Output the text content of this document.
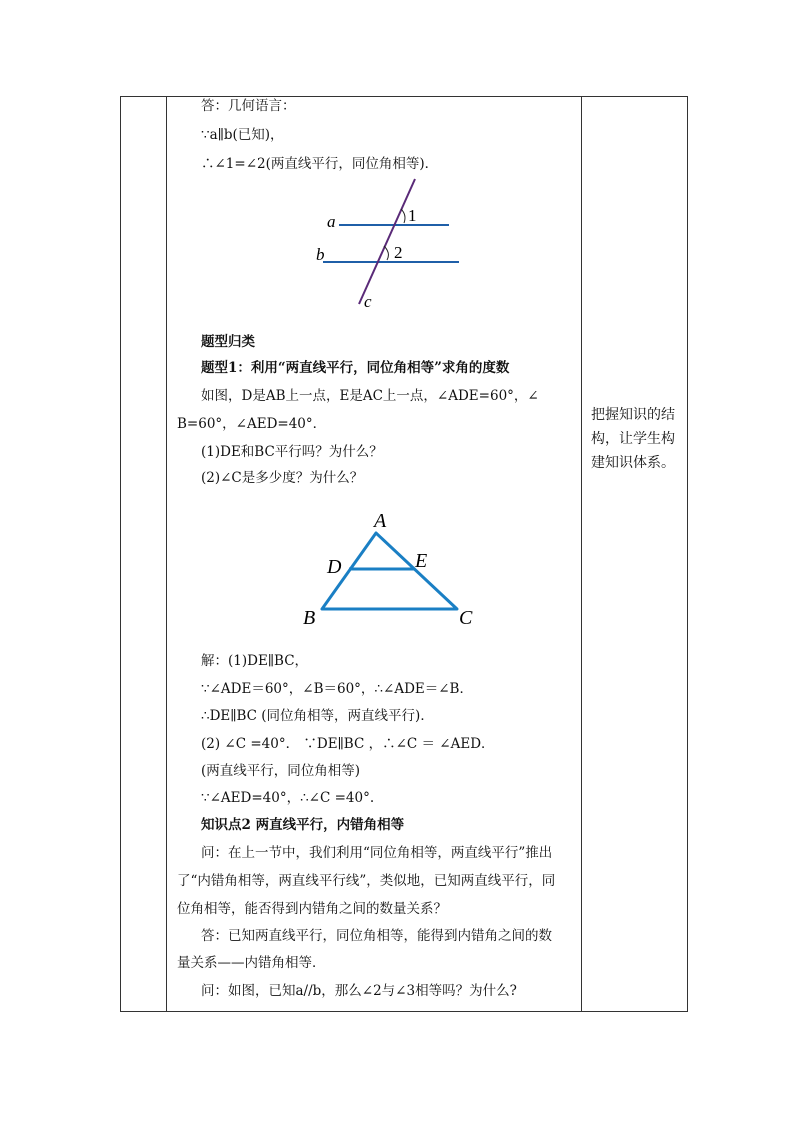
答：几何语言：
∵a∥b(已知)，
∴∠1=∠2(两直线平行，同位角相等)．
a
b
c
1
2
题型归类
题型1：利用“两直线平行，同位角相等”求角的度数
如图，D是AB上一点，E是AC上一点，∠ADE=60°，∠
B=60°，∠AED=40°．
(1)DE和BC平行吗？为什么？
(2)∠C是多少度？为什么？
A
B	C
D	E
解：(1)DE∥BC，
∵∠ADE＝60°，∠B＝60°，∴∠ADE＝∠B．
∴DE∥BC (同位角相等，两直线平行)．
(2) ∠C =40°． ∵DE∥BC ，∴∠C ＝ ∠AED．
(两直线平行，同位角相等)
∵∠AED=40°，∴∠C =40°.
知识点2 两直线平行，内错角相等
问：在上一节中，我们利用“同位角相等，两直线平行”推出
了“内错角相等，两直线平行线”，类似地，已知两直线平行，同
位角相等，能否得到内错角之间的数量关系？
答：已知两直线平行，同位角相等，能得到内错角之间的数
量关系——内错角相等．
问：如图，已知a//b，那么∠2与∠3相等吗？为什么?
把握知识的结
构，让学生构
建知识体系。
